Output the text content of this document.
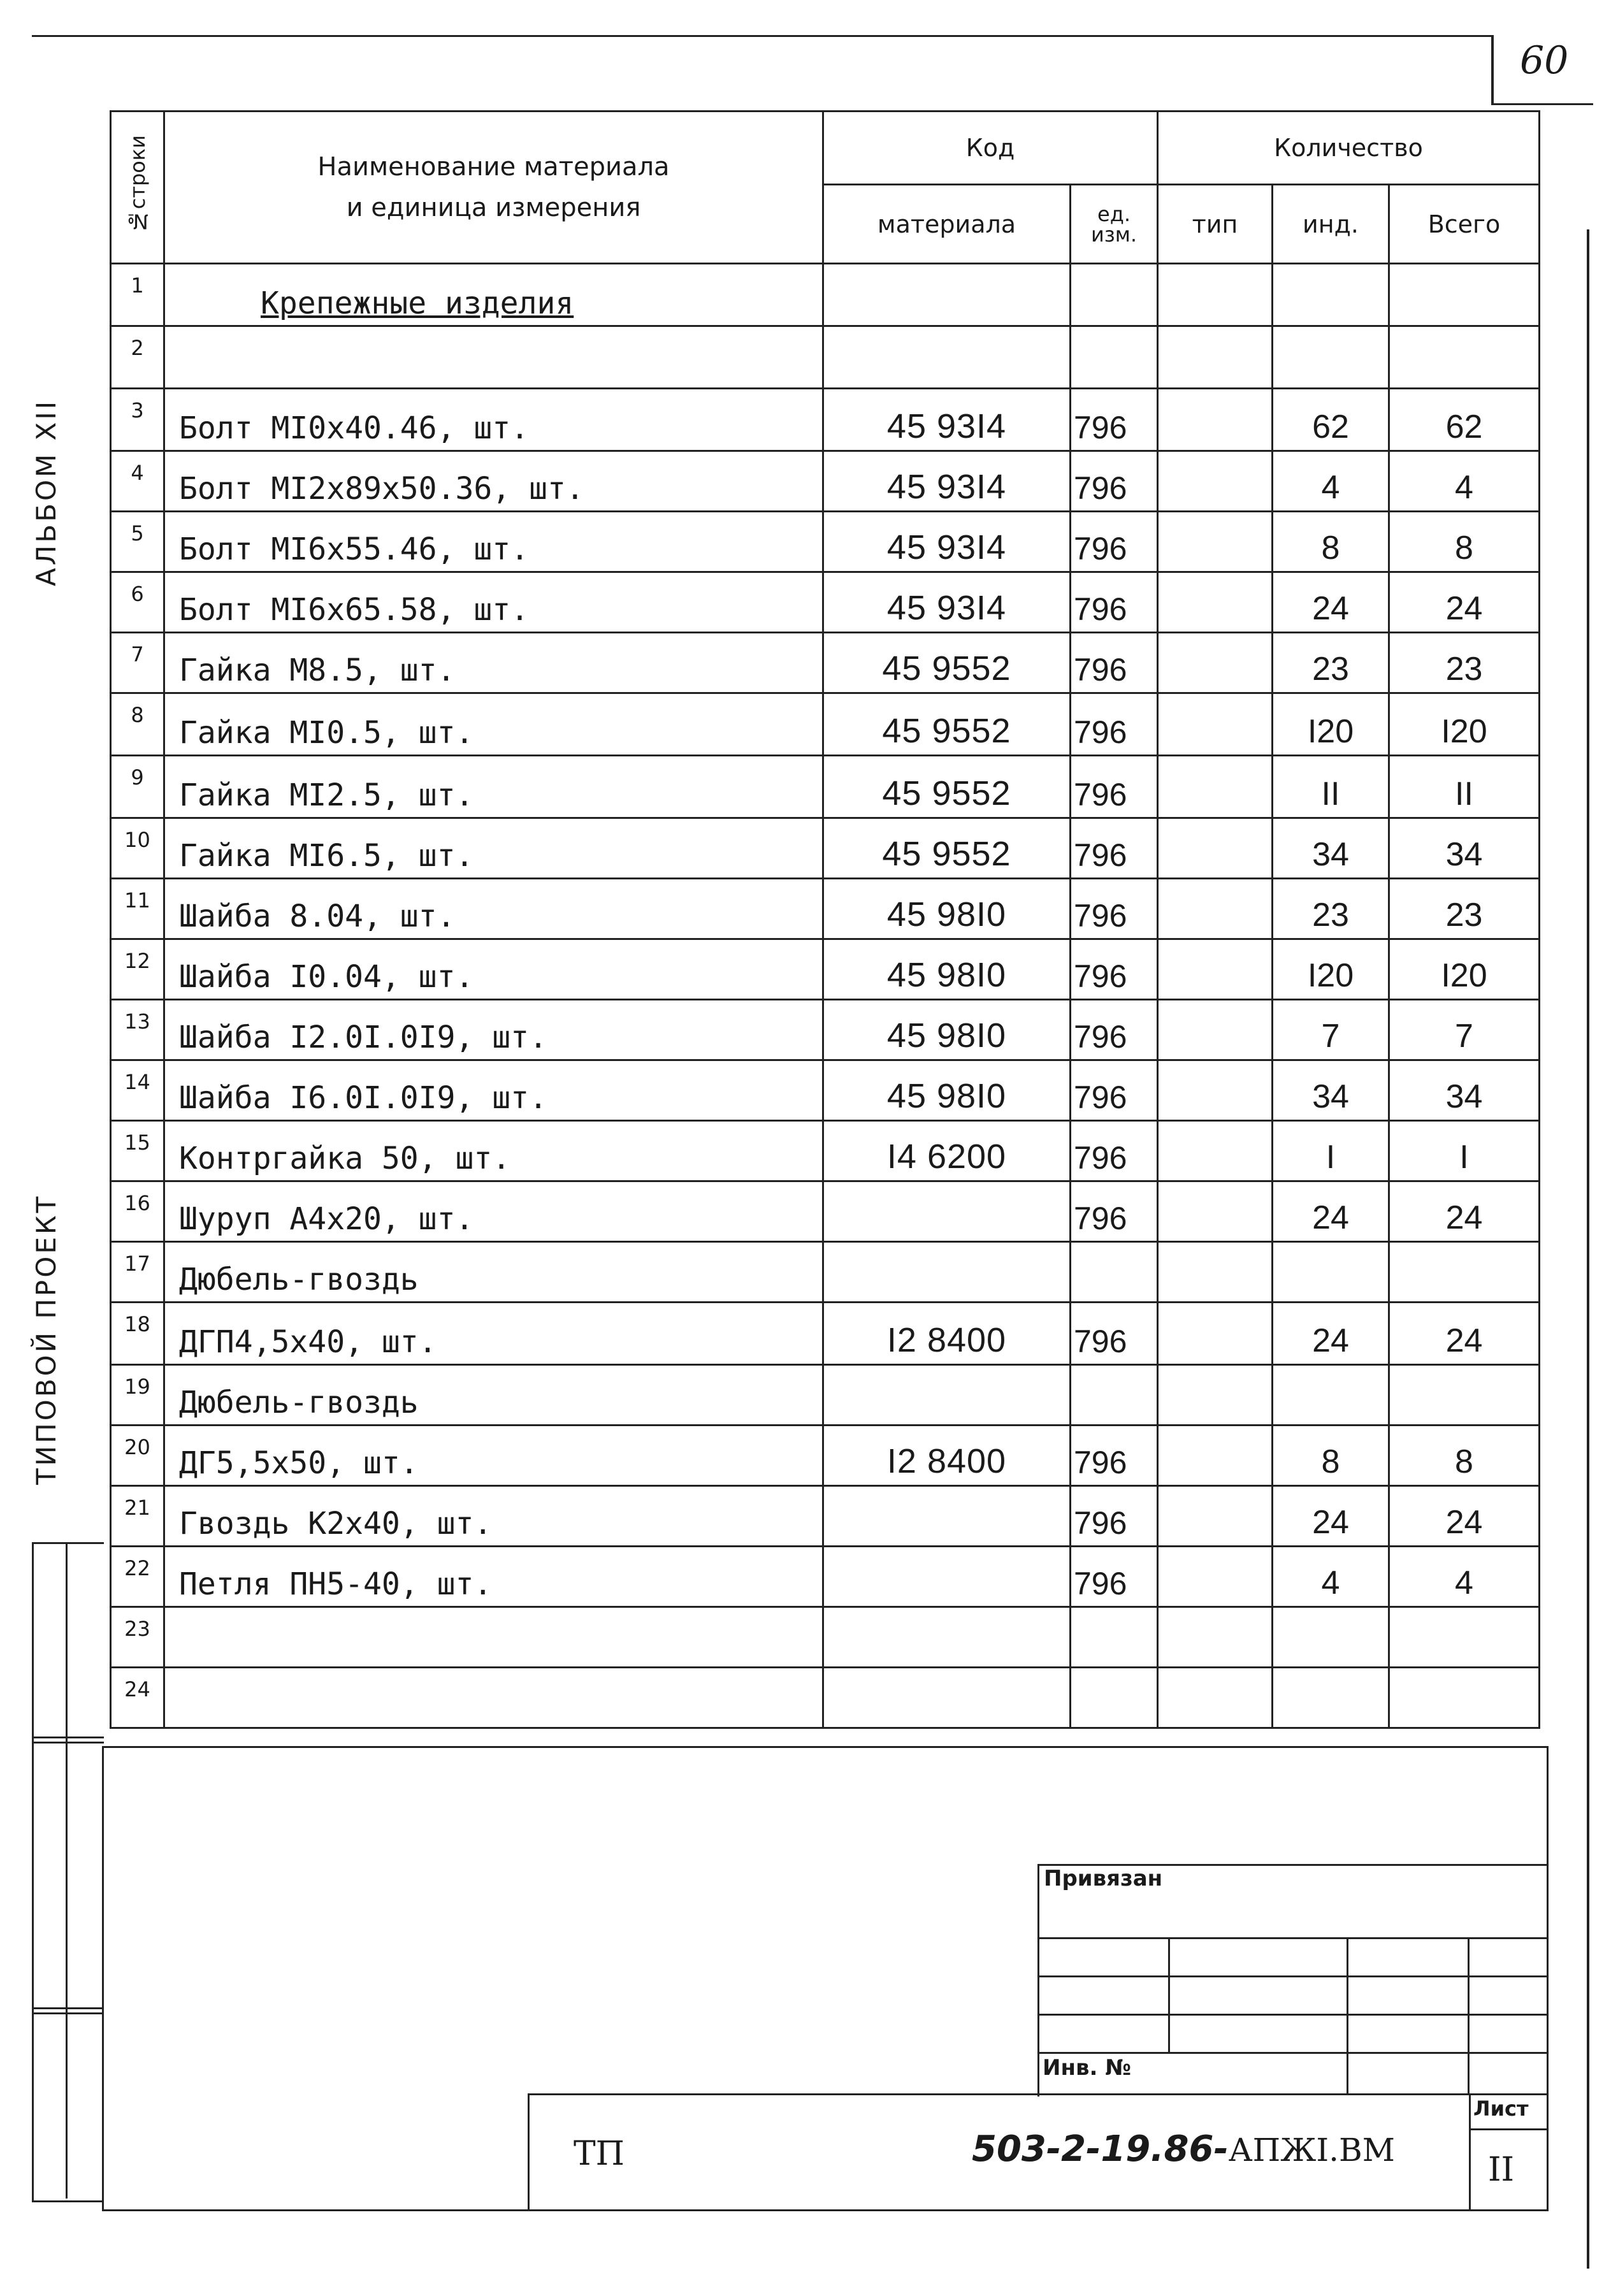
60
АЛЬБОМ XII
ТИПОВОЙ ПРОЕКТ
№строки	Наименование материала
и единица измерения	Код		Количество		
		материала	ед. изм.	тип	инд.	Всего
1	Крепежные изделия					
2						
3	Болт MI0x40.46, шт.	45 93I4	796		62	62
4	Болт MI2x89x50.36, шт.	45 93I4	796		4	4
5	Болт MI6x55.46, шт.	45 93I4	796		8	8
6	Болт MI6x65.58, шт.	45 93I4	796		24	24
7	Гайка M8.5, шт.	45 9552	796		23	23
8	Гайка MI0.5, шт.	45 9552	796		I20	I20
9	Гайка MI2.5, шт.	45 9552	796		II	II
10	Гайка MI6.5, шт.	45 9552	796		34	34
11	Шайба 8.04, шт.	45 98I0	796		23	23
12	Шайба I0.04, шт.	45 98I0	796		I20	I20
13	Шайба I2.0I.0I9, шт.	45 98I0	796		7	7
14	Шайба I6.0I.0I9, шт.	45 98I0	796		34	34
15	Контргайка 50, шт.	I4 6200	796		I	I
16	Шуруп А4x20, шт.		796		24	24
17	Дюбель-гвоздь					
18	ДГП4,5x40, шт.	I2 8400	796		24	24
19	Дюбель-гвоздь					
20	ДГ5,5x50, шт.	I2 8400	796		8	8
21	Гвоздь К2x40, шт.		796		24	24
22	Петля ПН5-40, шт.		796		4	4
23						
24						
Привязан
Инв. №
ТП	503-2-19.86-АПЖI.ВМ
Лист
II
